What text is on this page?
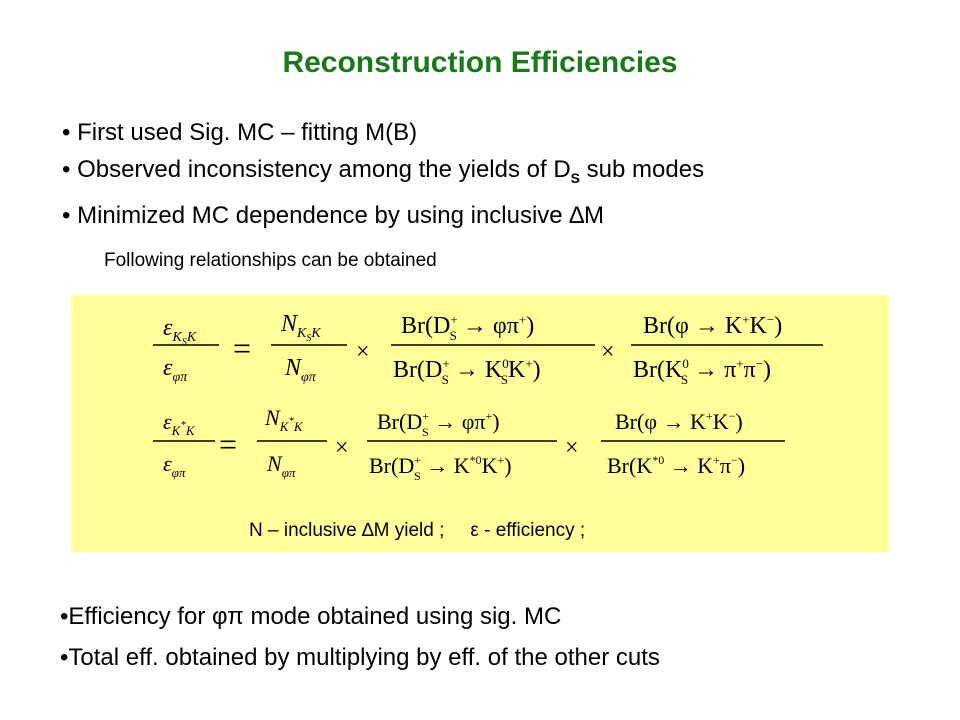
Reconstruction Efficiencies
• First used Sig. MC – fitting M(B)
• Observed inconsistency among the yields of $D_S$ sub modes
• Minimized MC dependence by using inclusive ∆M
Following relationships can be obtained
$\varepsilon_KSK$
$\varepsilon_{\varphi\pi}$
=
$N_KSK$
$N_{\varphi\pi}$
×
Br(D+ S → φπ+)
Br(D+ $S \to K^0$ SK+)
×
Br(φ → K+K−)
$Br(K^0$ S → π+π−)
$\varepsilon_K^*_K$
$\varepsilon_{\varphi\pi}$
=
$N_K^*_K$
$N_{\varphi\pi}$
×
Br(D+ S → φπ+)
Br(D+ $S \to K^{*0}K^+$)
×
Br(φ → K+K−)
$Br(K^{*0} \to K^+\pi^-)$
N – inclusive ∆M yield ; ε - efficiency ;
•Efficiency for φπ mode obtained using sig. MC
•Total eff. obtained by multiplying by eff. of the other cuts
